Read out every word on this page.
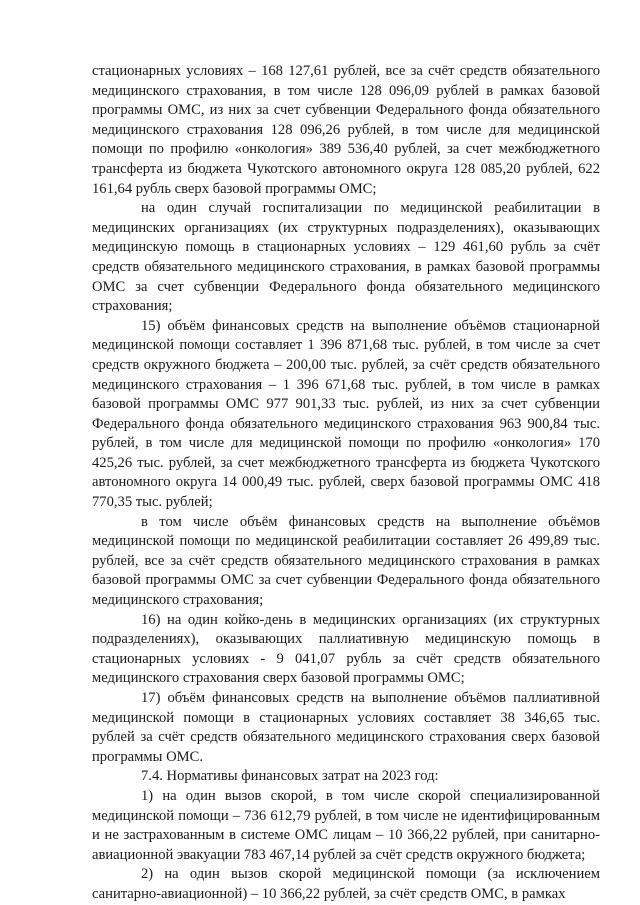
стационарных условиях – 168 127,61 рублей, все за счёт средств обязательного медицинского страхования, в том числе 128 096,09 рублей в рамках базовой программы ОМС, из них за счет субвенции Федерального фонда обязательного медицинского страхования 128 096,26 рублей, в том числе для медицинской помощи по профилю «онкология» 389 536,40 рублей, за счет межбюджетного трансферта из бюджета Чукотского автономного округа 128 085,20 рублей, 622 161,64 рубль сверх базовой программы ОМС;

на один случай госпитализации по медицинской реабилитации в медицинских организациях (их структурных подразделениях), оказывающих медицинскую помощь в стационарных условиях – 129 461,60 рубль за счёт средств обязательного медицинского страхования, в рамках базовой программы ОМС за счет субвенции Федерального фонда обязательного медицинского страхования;

15) объём финансовых средств на выполнение объёмов стационарной медицинской помощи составляет 1 396 871,68 тыс. рублей, в том числе за счет средств окружного бюджета – 200,00 тыс. рублей, за счёт средств обязательного медицинского страхования – 1 396 671,68 тыс. рублей, в том числе в рамках базовой программы ОМС 977 901,33 тыс. рублей, из них за счет субвенции Федерального фонда обязательного медицинского страхования 963 900,84 тыс. рублей, в том числе для медицинской помощи по профилю «онкология» 170 425,26 тыс. рублей, за счет межбюджетного трансферта из бюджета Чукотского автономного округа 14 000,49 тыс. рублей, сверх базовой программы ОМС 418 770,35 тыс. рублей;

в том числе объём финансовых средств на выполнение объёмов медицинской помощи по медицинской реабилитации составляет 26 499,89 тыс. рублей, все за счёт средств обязательного медицинского страхования в рамках базовой программы ОМС за счет субвенции Федерального фонда обязательного медицинского страхования;

16) на один койко-день в медицинских организациях (их структурных подразделениях), оказывающих паллиативную медицинскую помощь в стационарных условиях - 9 041,07 рубль за счёт средств обязательного медицинского страхования сверх базовой программы ОМС;

17) объём финансовых средств на выполнение объёмов паллиативной медицинской помощи в стационарных условиях составляет 38 346,65 тыс. рублей за счёт средств обязательного медицинского страхования сверх базовой программы ОМС.

7.4. Нормативы финансовых затрат на 2023 год:

1) на один вызов скорой, в том числе скорой специализированной медицинской помощи – 736 612,79 рублей, в том числе не идентифицированным и не застрахованным в системе ОМС лицам – 10 366,22 рублей, при санитарно-авиационной эвакуации 783 467,14 рублей за счёт средств окружного бюджета;

2) на один вызов скорой медицинской помощи (за исключением санитарно-авиационной) – 10 366,22 рублей, за счёт средств ОМС, в рамках
